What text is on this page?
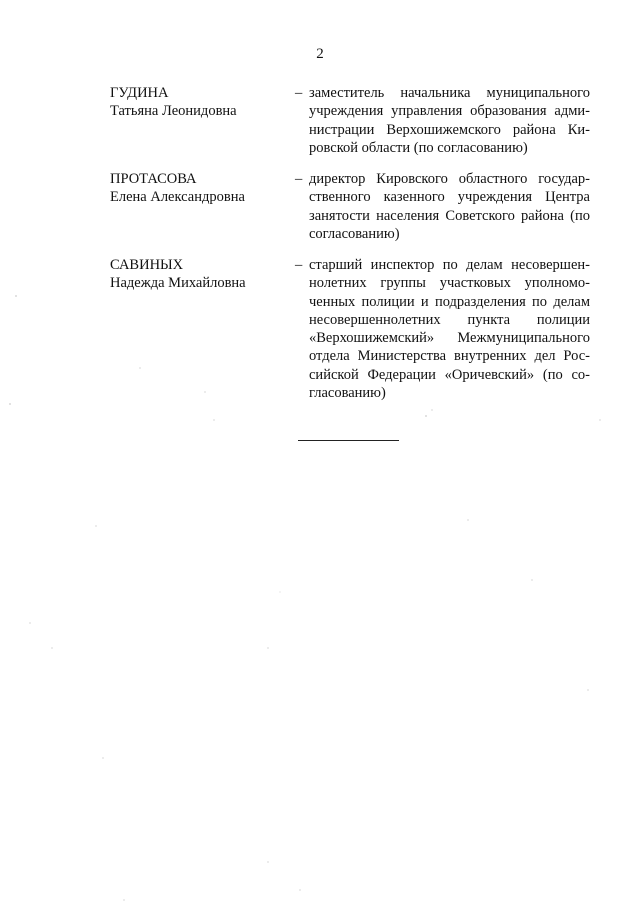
2
ГУДИНА
Татьяна Леонидовна
– заместитель начальника муниципального учреждения управления образования администрации Верхошижемского района Кировской области (по согласованию)
ПРОТАСОВА
Елена Александровна
– директор Кировского областного государственного казенного учреждения Центра занятости населения Советского района (по согласованию)
САВИНЫХ
Надежда Михайловна
– старший инспектор по делам несовершеннолетних группы участковых уполномоченных полиции и подразделения по делам несовершеннолетних пункта полиции «Верхошижемский» Межмуниципального отдела Министерства внутренних дел Российской Федерации «Оричевский» (по согласованию)
